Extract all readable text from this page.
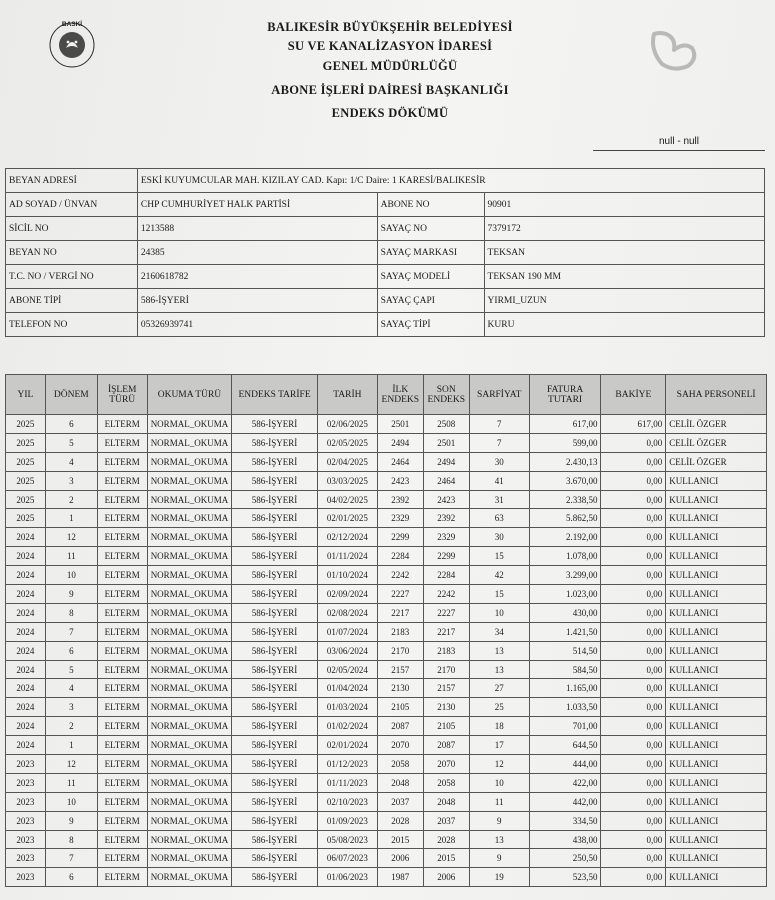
BASKİ	BALIKESİR BÜYÜKŞEHİR BELEDİYESİ
SU VE KANALİZASYON İDARESİ
GENEL MÜDÜRLÜĞÜ
ABONE İŞLERİ DAİRESİ BAŞKANLIĞI
ENDEKS DÖKÜMÜ
null - null
BEYAN ADRESİ	ESKİ KUYUMCULAR MAH. KIZILAY CAD. Kapı: 1/C Daire: 1 KARESİ/BALIKESİR		
AD SOYAD / ÜNVAN	CHP CUMHURİYET HALK PARTİSİ	ABONE NO	90901
SİCİL NO	1213588	SAYAÇ NO	7379172
BEYAN NO	24385	SAYAÇ MARKASI	TEKSAN
T.C. NO / VERGİ NO	2160618782	SAYAÇ MODELİ	TEKSAN 190 MM
ABONE TİPİ	586-İŞYERİ	SAYAÇ ÇAPI	YIRMI_UZUN
TELEFON NO	05326939741	SAYAÇ TİPİ	KURU
YIL	DÖNEM	İŞLEM TÜRÜ	OKUMA TÜRÜ	ENDEKS TARİFE	TARİH	İLK ENDEKS	SON ENDEKS	SARFİYAT	FATURA TUTARI	BAKİYE	SAHA PERSONELİ
2025	6	ELTERM	NORMAL_OKUMA	586-İŞYERİ	02/06/2025	2501	2508	7	617,00	617,00	CELİL ÖZGER
2025	5	ELTERM	NORMAL_OKUMA	586-İŞYERİ	02/05/2025	2494	2501	7	599,00	0,00	CELİL ÖZGER
2025	4	ELTERM	NORMAL_OKUMA	586-İŞYERİ	02/04/2025	2464	2494	30	2.430,13	0,00	CELİL ÖZGER
2025	3	ELTERM	NORMAL_OKUMA	586-İŞYERİ	03/03/2025	2423	2464	41	3.670,00	0,00	KULLANICI
2025	2	ELTERM	NORMAL_OKUMA	586-İŞYERİ	04/02/2025	2392	2423	31	2.338,50	0,00	KULLANICI
2025	1	ELTERM	NORMAL_OKUMA	586-İŞYERİ	02/01/2025	2329	2392	63	5.862,50	0,00	KULLANICI
2024	12	ELTERM	NORMAL_OKUMA	586-İŞYERİ	02/12/2024	2299	2329	30	2.192,00	0,00	KULLANICI
2024	11	ELTERM	NORMAL_OKUMA	586-İŞYERİ	01/11/2024	2284	2299	15	1.078,00	0,00	KULLANICI
2024	10	ELTERM	NORMAL_OKUMA	586-İŞYERİ	01/10/2024	2242	2284	42	3.299,00	0,00	KULLANICI
2024	9	ELTERM	NORMAL_OKUMA	586-İŞYERİ	02/09/2024	2227	2242	15	1.023,00	0,00	KULLANICI
2024	8	ELTERM	NORMAL_OKUMA	586-İŞYERİ	02/08/2024	2217	2227	10	430,00	0,00	KULLANICI
2024	7	ELTERM	NORMAL_OKUMA	586-İŞYERİ	01/07/2024	2183	2217	34	1.421,50	0,00	KULLANICI
2024	6	ELTERM	NORMAL_OKUMA	586-İŞYERİ	03/06/2024	2170	2183	13	514,50	0,00	KULLANICI
2024	5	ELTERM	NORMAL_OKUMA	586-İŞYERİ	02/05/2024	2157	2170	13	584,50	0,00	KULLANICI
2024	4	ELTERM	NORMAL_OKUMA	586-İŞYERİ	01/04/2024	2130	2157	27	1.165,00	0,00	KULLANICI
2024	3	ELTERM	NORMAL_OKUMA	586-İŞYERİ	01/03/2024	2105	2130	25	1.033,50	0,00	KULLANICI
2024	2	ELTERM	NORMAL_OKUMA	586-İŞYERİ	01/02/2024	2087	2105	18	701,00	0,00	KULLANICI
2024	1	ELTERM	NORMAL_OKUMA	586-İŞYERİ	02/01/2024	2070	2087	17	644,50	0,00	KULLANICI
2023	12	ELTERM	NORMAL_OKUMA	586-İŞYERİ	01/12/2023	2058	2070	12	444,00	0,00	KULLANICI
2023	11	ELTERM	NORMAL_OKUMA	586-İŞYERİ	01/11/2023	2048	2058	10	422,00	0,00	KULLANICI
2023	10	ELTERM	NORMAL_OKUMA	586-İŞYERİ	02/10/2023	2037	2048	11	442,00	0,00	KULLANICI
2023	9	ELTERM	NORMAL_OKUMA	586-İŞYERİ	01/09/2023	2028	2037	9	334,50	0,00	KULLANICI
2023	8	ELTERM	NORMAL_OKUMA	586-İŞYERİ	05/08/2023	2015	2028	13	438,00	0,00	KULLANICI
2023	7	ELTERM	NORMAL_OKUMA	586-İŞYERİ	06/07/2023	2006	2015	9	250,50	0,00	KULLANICI
2023	6	ELTERM	NORMAL_OKUMA	586-İŞYERİ	01/06/2023	1987	2006	19	523,50	0,00	KULLANICI
